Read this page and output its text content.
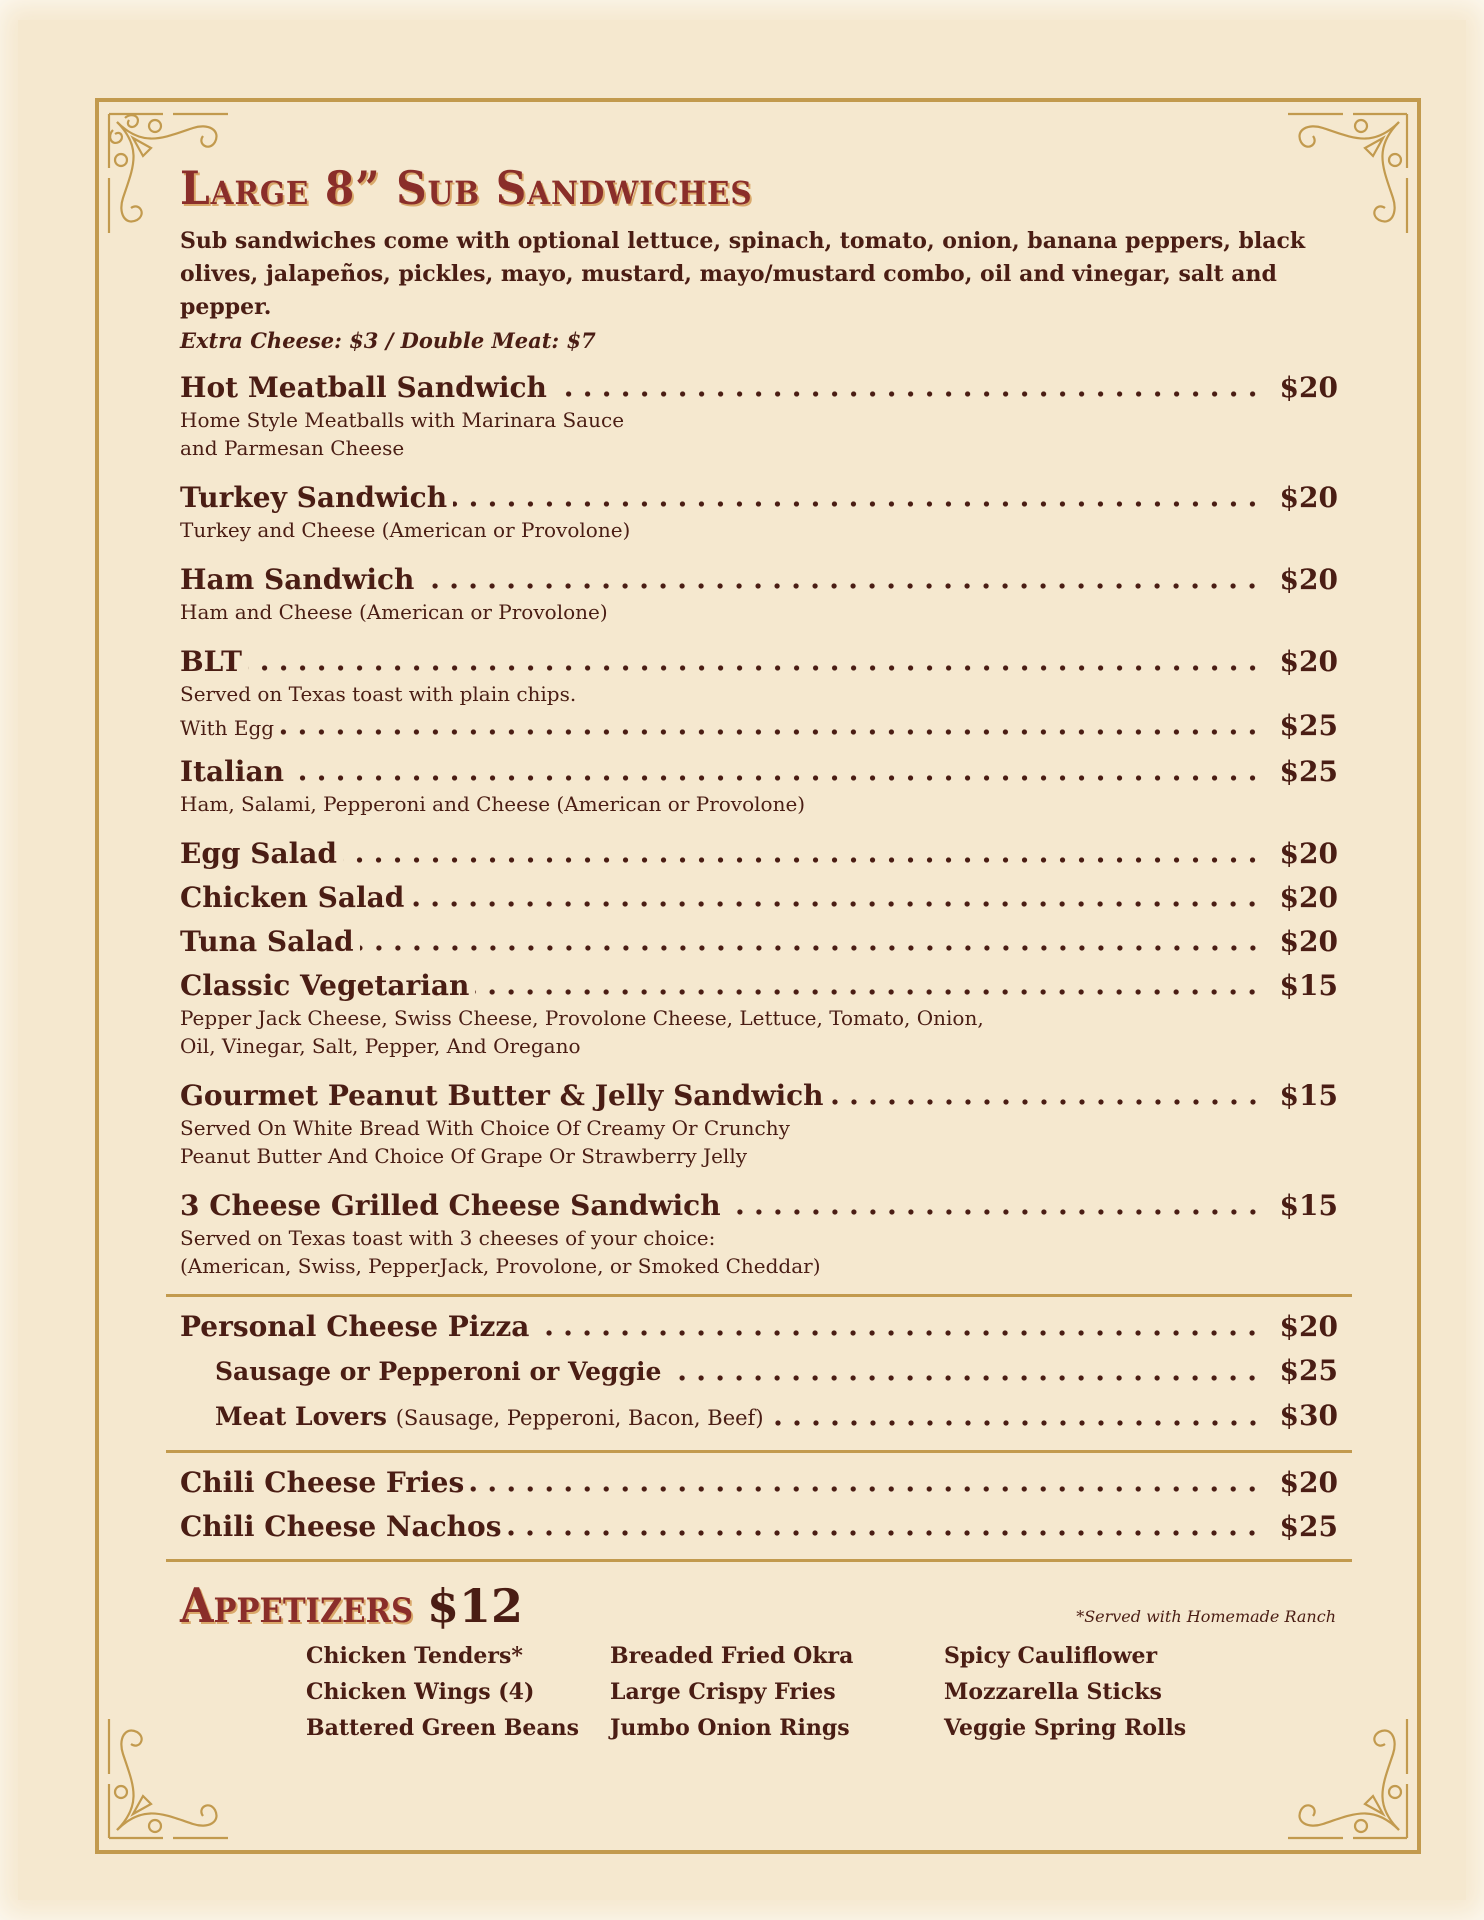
Large 8” Sub Sandwiches
Sub sandwiches come with optional lettuce, spinach, tomato, onion, banana peppers, black olives, jalapeños, pickles, mayo, mustard, mayo/mustard combo, oil and vinegar, salt and pepper.
Extra Cheese: $3 / Double Meat: $7
Hot Meatball Sandwich	$20
Home Style Meatballs with Marinara Sauce
and Parmesan Cheese
Turkey Sandwich	$20
Turkey and Cheese (American or Provolone)
Ham Sandwich	$20
Ham and Cheese (American or Provolone)
BLT	$20
Served on Texas toast with plain chips.
With Egg	$25
Italian	$25
Ham, Salami, Pepperoni and Cheese (American or Provolone)
Egg Salad	$20
Chicken Salad	$20
Tuna Salad	$20
Classic Vegetarian	$15
Pepper Jack Cheese, Swiss Cheese, Provolone Cheese, Lettuce, Tomato, Onion,
Oil, Vinegar, Salt, Pepper, And Oregano
Gourmet Peanut Butter & Jelly Sandwich	$15
Served On White Bread With Choice Of Creamy Or Crunchy
Peanut Butter And Choice Of Grape Or Strawberry Jelly
3 Cheese Grilled Cheese Sandwich	$15
Served on Texas toast with 3 cheeses of your choice:
(American, Swiss, PepperJack, Provolone, or Smoked Cheddar)
Personal Cheese Pizza	$20
Sausage or Pepperoni or Veggie	$25
Meat Lovers (Sausage, Pepperoni, Bacon, Beef)	$30
Chili Cheese Fries	$20
Chili Cheese Nachos	$25
Appetizers $12	*Served with Homemade Ranch
Chicken Tenders*	Breaded Fried Okra	Spicy Cauliflower
Chicken Wings (4)	Large Crispy Fries	Mozzarella Sticks
Battered Green Beans	Jumbo Onion Rings	Veggie Spring Rolls
